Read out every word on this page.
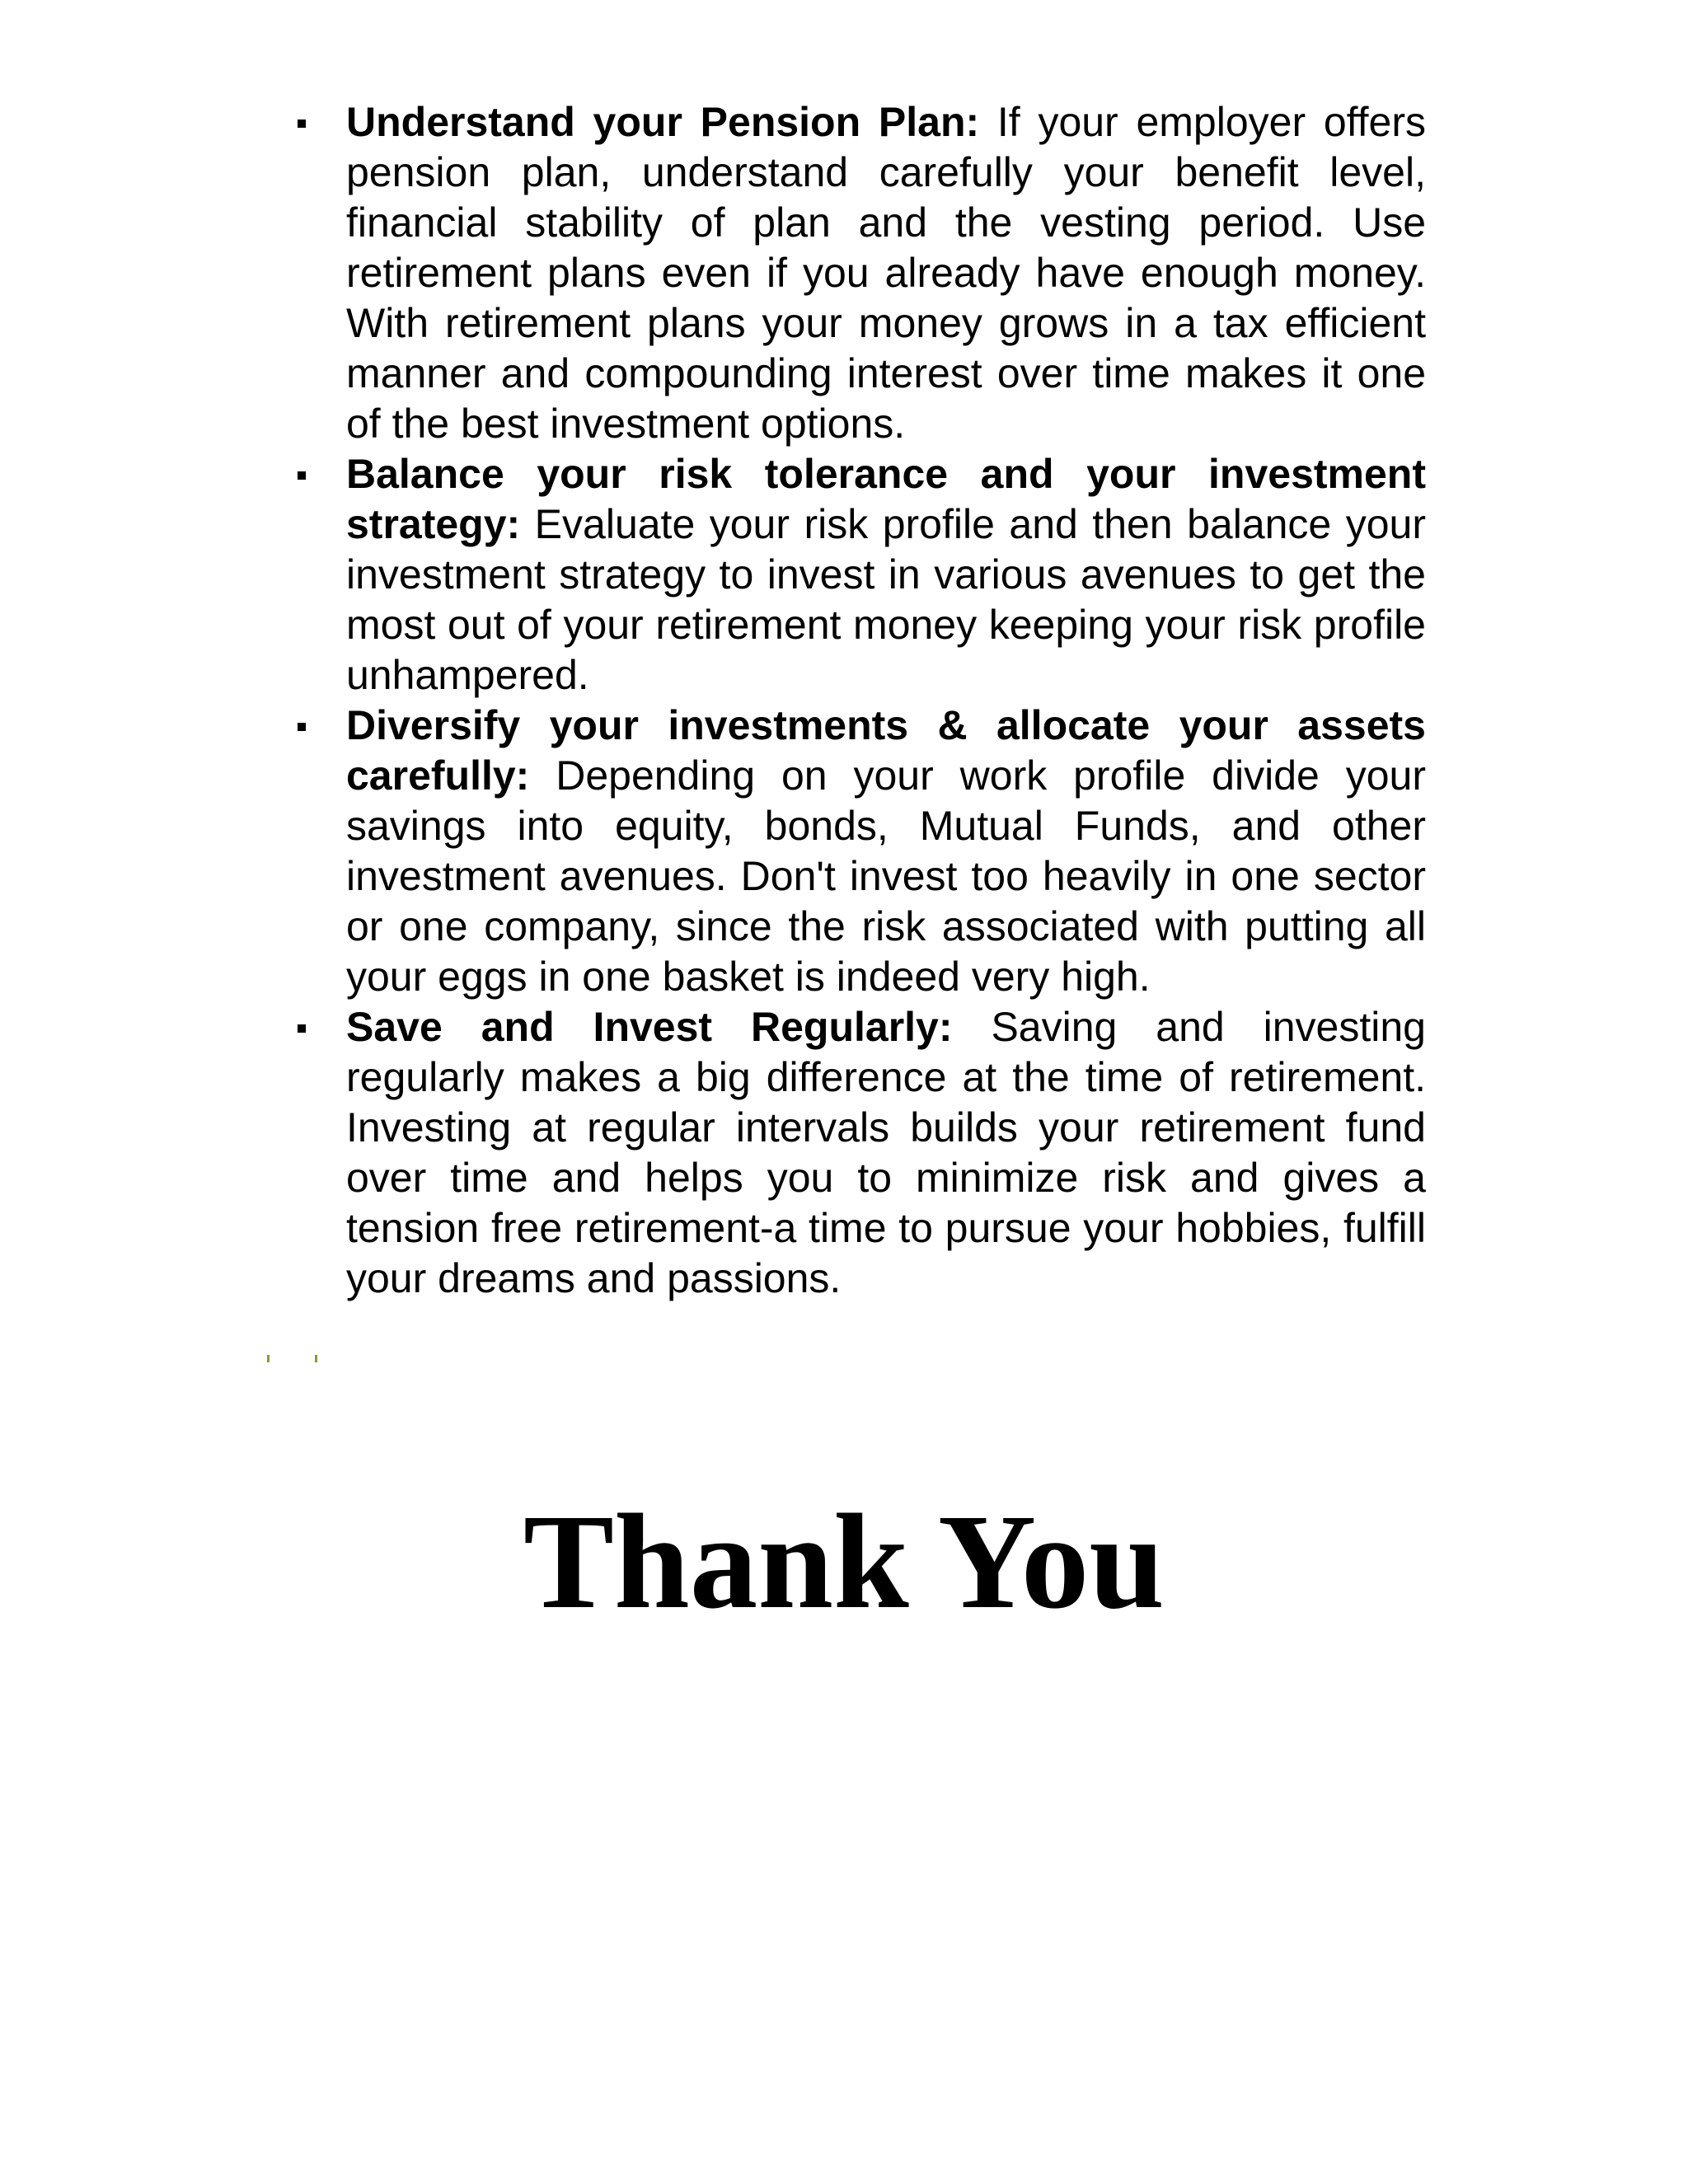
Understand your Pension Plan: If your employer offers pension plan, understand carefully your benefit level, financial stability of plan and the vesting period. Use retirement plans even if you already have enough money. With retirement plans your money grows in a tax efficient manner and compounding interest over time makes it one of the best investment options.
Balance your risk tolerance and your investment strategy: Evaluate your risk profile and then balance your investment strategy to invest in various avenues to get the most out of your retirement money keeping your risk profile unhampered.
Diversify your investments & allocate your assets carefully: Depending on your work profile divide your savings into equity, bonds, Mutual Funds, and other investment avenues. Don't invest too heavily in one sector or one company, since the risk associated with putting all your eggs in one basket is indeed very high.
Save and Invest Regularly: Saving and investing regularly makes a big difference at the time of retirement. Investing at regular intervals builds your retirement fund over time and helps you to minimize risk and gives a tension free retirement-a time to pursue your hobbies, fulfill your dreams and passions.
Thank You
